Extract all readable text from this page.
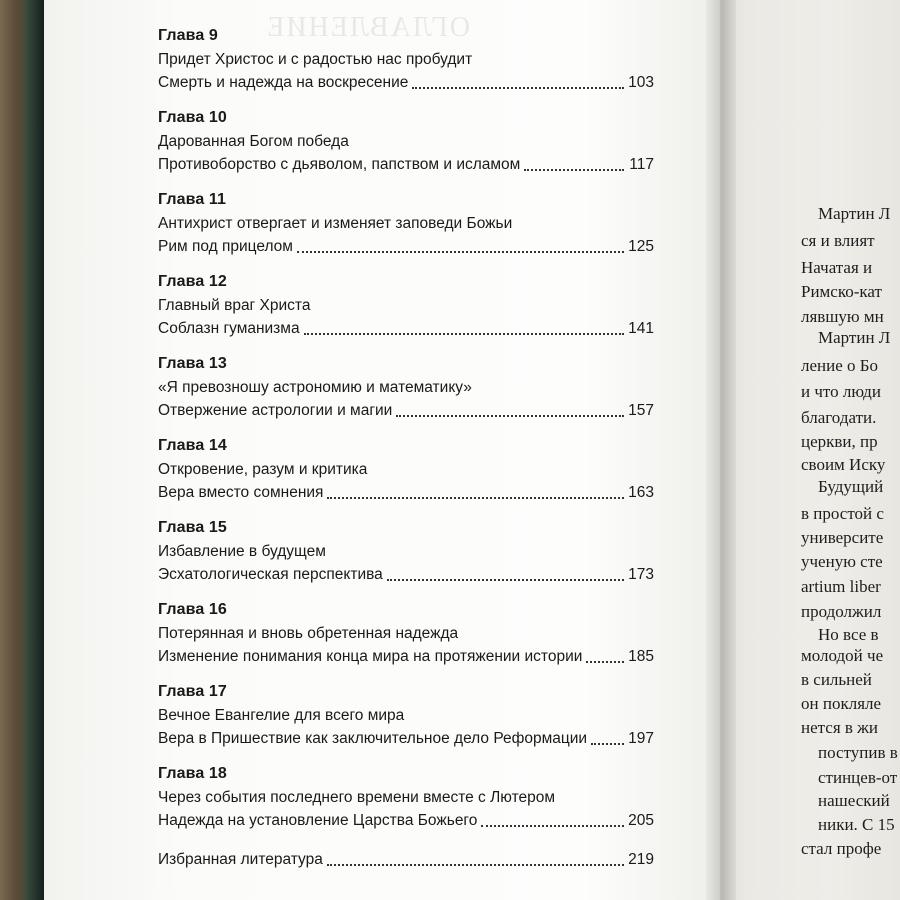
ОГЛАВЛЕНИЕ
Глава 9
Придет Христос и с радостью нас пробудит
Смерть и надежда на воскресение	103
Глава 10
Дарованная Богом победа
Противоборство с дьяволом, папством и исламом	117
Глава 11
Антихрист отвергает и изменяет заповеди Божьи
Рим под прицелом	125
Глава 12
Главный враг Христа
Соблазн гуманизма	141
Глава 13
«Я превозношу астрономию и математику»
Отвержение астрологии и магии	157
Глава 14
Откровение, разум и критика
Вера вместо сомнения	163
Глава 15
Избавление в будущем
Эсхатологическая перспектива	173
Глава 16
Потерянная и вновь обретенная надежда
Изменение понимания конца мира на протяжении истории	185
Глава 17
Вечное Евангелие для всего мира
Вера в Пришествие как заключительное дело Реформации	197
Глава 18
Через события последнего времени вместе с Лютером
Надежда на установление Царства Божьего	205
Избранная литература	219
Мартин Л
ся и влият
Начатая и
Римско-кат
лявшую мн
Мартин Л
ление о Бо
и что люди
благодати.
церкви, пр
своим Иску
Будущий
в простой с
университе
ученую сте
artium liber
продолжил
Но все в
молодой че
в сильней
он покляле
нется в жи
поступив в
стинцев-от
нашеский
ники. С 15
стал профе
